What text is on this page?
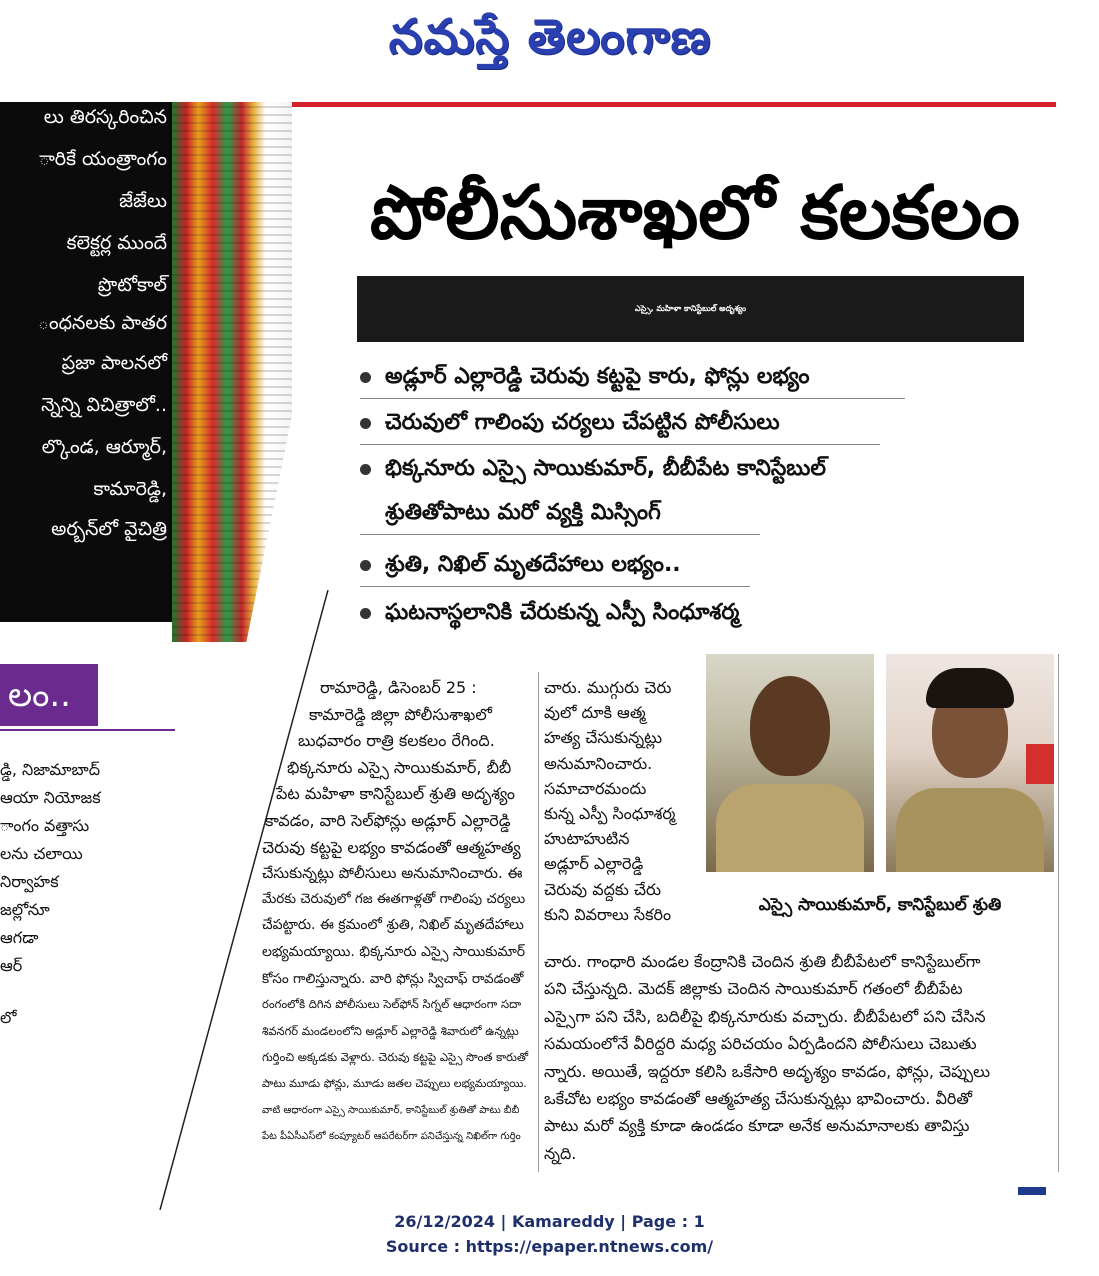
నమస్తే తెలంగాణ
లు తిరస్కరించిన
ారికే యంత్రాంగం
జేజేలు
కలెక్టర్ల ముందే
ప్రొటోకాల్
ంధనలకు పాతర
ప్రజా పాలనలో
న్నెన్ని విచిత్రాలో..
ల్కొండ, ఆర్మూర్,
కామారెడ్డి,
అర్బన్‌లో వైచిత్రి
లం..
డ్డి, నిజామాబాద్
ఆయా నియోజక
ాంగం వత్తాసు
లను చలాయి
నిర్వాహక
జల్లోనూ
ఆగడా
ఆర్
లో
పోలీసుశాఖలో కలకలం
ఎస్సై, మహిళా కానిస్టేబుల్ అదృశ్యం
అడ్లూర్ ఎల్లారెడ్డి చెరువు కట్టపై కారు, ఫోన్లు లభ్యం
చెరువులో గాలింపు చర్యలు చేపట్టిన పోలీసులు
భిక్కనూరు ఎస్సై సాయికుమార్, బీబీపేట కానిస్టేబుల్
శ్రుతితోపాటు మరో వ్యక్తి మిస్సింగ్
శ్రుతి, నిఖిల్ మృతదేహాలు లభ్యం..
ఘటనాస్థలానికి చేరుకున్న ఎస్పీ సింధూశర్మ
ఎస్సై సాయికుమార్, కానిస్టేబుల్ శ్రుతి
రామారెడ్డి, డిసెంబర్ 25 :
కామారెడ్డి జిల్లా పోలీసుశాఖలో
బుధవారం రాత్రి కలకలం రేగింది.
భిక్కనూరు ఎస్సై సాయికుమార్, బీబీ
పేట మహిళా కానిస్టేబుల్ శ్రుతి అదృశ్యం
కావడం, వారి సెల్‌ఫోన్లు అడ్లూర్ ఎల్లారెడ్డి
చెరువు కట్టపై లభ్యం కావడంతో ఆత్మహత్య
చేసుకున్నట్లు పోలీసులు అనుమానించారు. ఈ
మేరకు చెరువులో గజ ఈతగాళ్లతో గాలింపు చర్యలు
చేపట్టారు. ఈ క్రమంలో శ్రుతి, నిఖిల్ మృతదేహాలు
లభ్యమయ్యాయి. భిక్కనూరు ఎస్సై సాయికుమార్
కోసం గాలిస్తున్నారు. వారి ఫోన్లు స్విచాఫ్ రావడంతో
రంగంలోకి దిగిన పోలీసులు సెల్‌ఫోన్ సిగ్నల్ ఆధారంగా సదా
శివనగర్ మండలంలోని అడ్లూర్ ఎల్లారెడ్డి శివారులో ఉన్నట్లు
గుర్తించి అక్కడకు వెళ్లారు. చెరువు కట్టపై ఎస్సై సొంత కారుతో
పాటు మూడు ఫోన్లు, మూడు జతల చెప్పులు లభ్యమయ్యాయి.
వాటి ఆధారంగా ఎస్సై సాయికుమార్, కానిస్టేబుల్ శ్రుతితో పాటు బీబీ
పేట పీఏసీఎస్‌లో కంప్యూటర్ ఆపరేటర్‌గా పనిచేస్తున్న నిఖిల్‌గా గుర్తిం
చారు. ముగ్గురు చెరు
వులో దూకి ఆత్మ
హత్య చేసుకున్నట్లు
అనుమానించారు.
సమాచారమందు
కున్న ఎస్పీ సింధూశర్మ
హుటాహుటిన
అడ్లూర్ ఎల్లారెడ్డి
చెరువు వద్దకు చేరు
కుని వివరాలు సేకరిం
చారు. గాంధారి మండల కేంద్రానికి చెందిన శ్రుతి బీబీపేటలో కానిస్టేబుల్‌గా
పని చేస్తున్నది. మెదక్ జిల్లాకు చెందిన సాయికుమార్ గతంలో బీబీపేట
ఎస్సైగా పని చేసి, బదిలీపై భిక్కనూరుకు వచ్చారు. బీబీపేటలో పని చేసిన
సమయంలోనే వీరిద్దరి మధ్య పరిచయం ఏర్పడిందని పోలీసులు చెబుతు
న్నారు. అయితే, ఇద్దరూ కలిసి ఒకేసారి అదృశ్యం కావడం, ఫోన్లు, చెప్పులు
ఒకేచోట లభ్యం కావడంతో ఆత్మహత్య చేసుకున్నట్లు భావించారు. వీరితో
పాటు మరో వ్యక్తి కూడా ఉండడం కూడా అనేక అనుమానాలకు తావిస్తు
న్నది.
26/12/2024 | Kamareddy | Page : 1
Source : https://epaper.ntnews.com/
